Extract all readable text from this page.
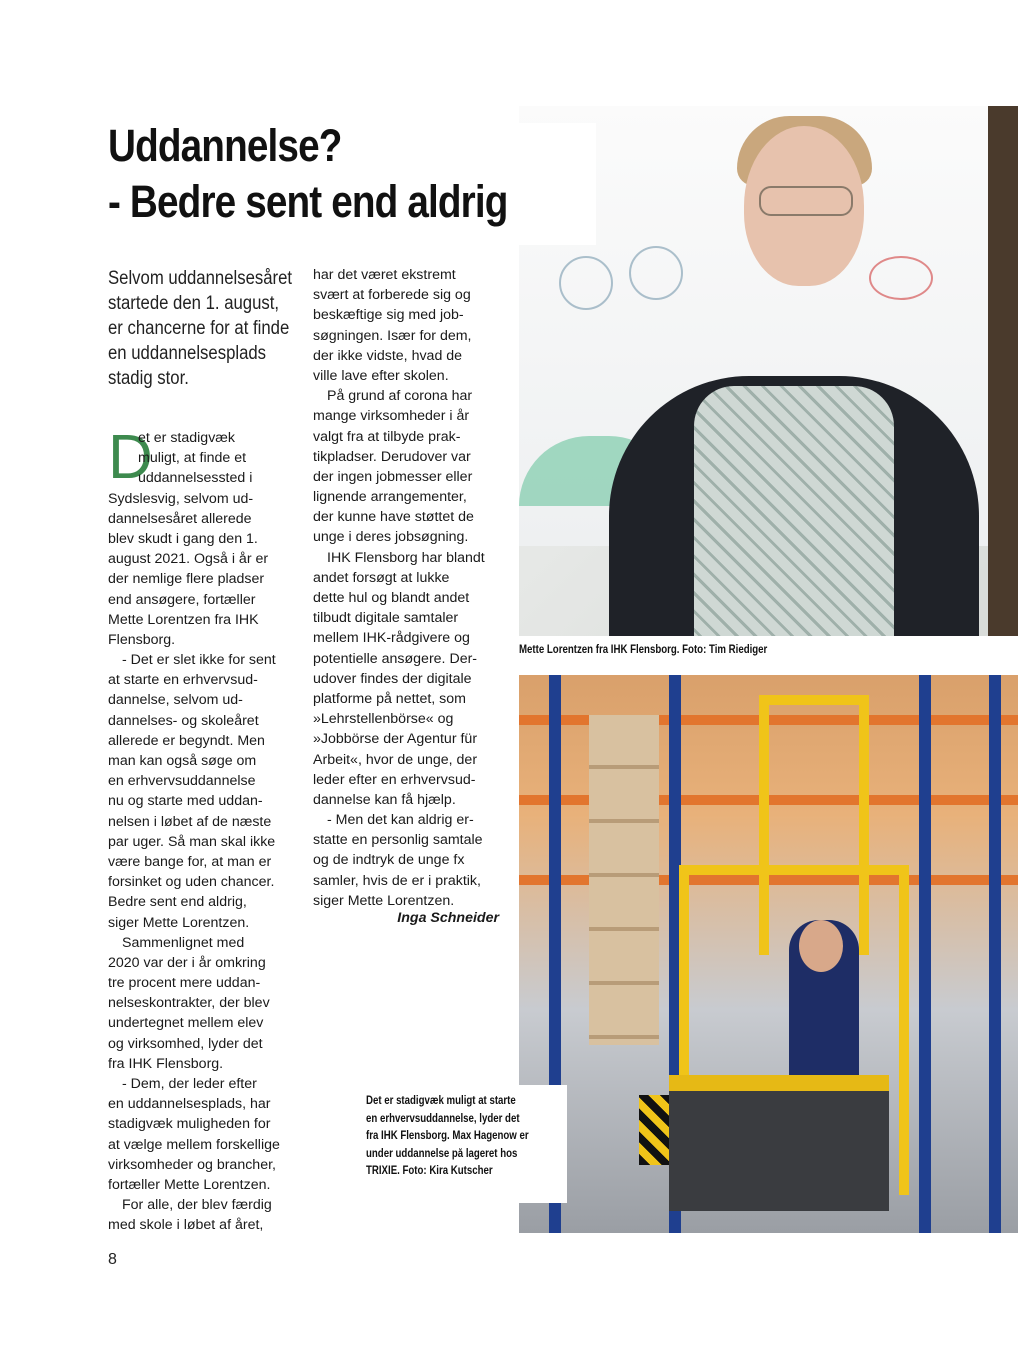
Uddannelse?
- Bedre sent end aldrig
Selvom uddannelsesåret
startede den 1. august,
er chancerne for at finde
en uddannelsesplads
stadig stor.
D
et er stadigvæk
muligt, at finde et
uddannelsessted i
Sydslesvig, selvom ud-
dannelsesåret allerede
blev skudt i gang den 1.
august 2021. Også i år er
der nemlige flere pladser
end ansøgere, fortæller
Mette Lorentzen fra IHK
Flensborg.
- Det er slet ikke for sent
at starte en erhvervsud-
dannelse, selvom ud-
dannelses- og skoleåret
allerede er begyndt. Men
man kan også søge om
en erhvervsuddannelse
nu og starte med uddan-
nelsen i løbet af de næste
par uger. Så man skal ikke
være bange for, at man er
forsinket og uden chancer.
Bedre sent end aldrig,
siger Mette Lorentzen.
Sammenlignet med
2020 var der i år omkring
tre procent mere uddan-
nelseskontrakter, der blev
undertegnet mellem elev
og virksomhed, lyder det
fra IHK Flensborg.
- Dem, der leder efter
en uddannelsesplads, har
stadigvæk muligheden for
at vælge mellem forskellige
virksomheder og brancher,
fortæller Mette Lorentzen.
For alle, der blev færdig
med skole i løbet af året,
har det været ekstremt
svært at forberede sig og
beskæftige sig med job-
søgningen. Især for dem,
der ikke vidste, hvad de
ville lave efter skolen.
På grund af corona har
mange virksomheder i år
valgt fra at tilbyde prak-
tikpladser. Derudover var
der ingen jobmesser eller
lignende arrangementer,
der kunne have støttet de
unge i deres jobsøgning.
IHK Flensborg har blandt
andet forsøgt at lukke
dette hul og blandt andet
tilbudt digitale samtaler
mellem IHK-rådgivere og
potentielle ansøgere. Der-
udover findes der digitale
platforme på nettet, som
»Lehrstellenbörse« og
»Jobbörse der Agentur für
Arbeit«, hvor de unge, der
leder efter en erhvervsud-
dannelse kan få hjælp.
- Men det kan aldrig er-
statte en personlig samtale
og de indtryk de unge fx
samler, hvis de er i praktik,
siger Mette Lorentzen.
Inga Schneider
Mette Lorentzen fra IHK Flensborg. Foto: Tim Riediger
Det er stadigvæk muligt at starte
en erhvervsuddannelse, lyder det
fra IHK Flensborg. Max Hagenow er
under uddannelse på lageret hos
TRIXIE. Foto: Kira Kutscher
8
